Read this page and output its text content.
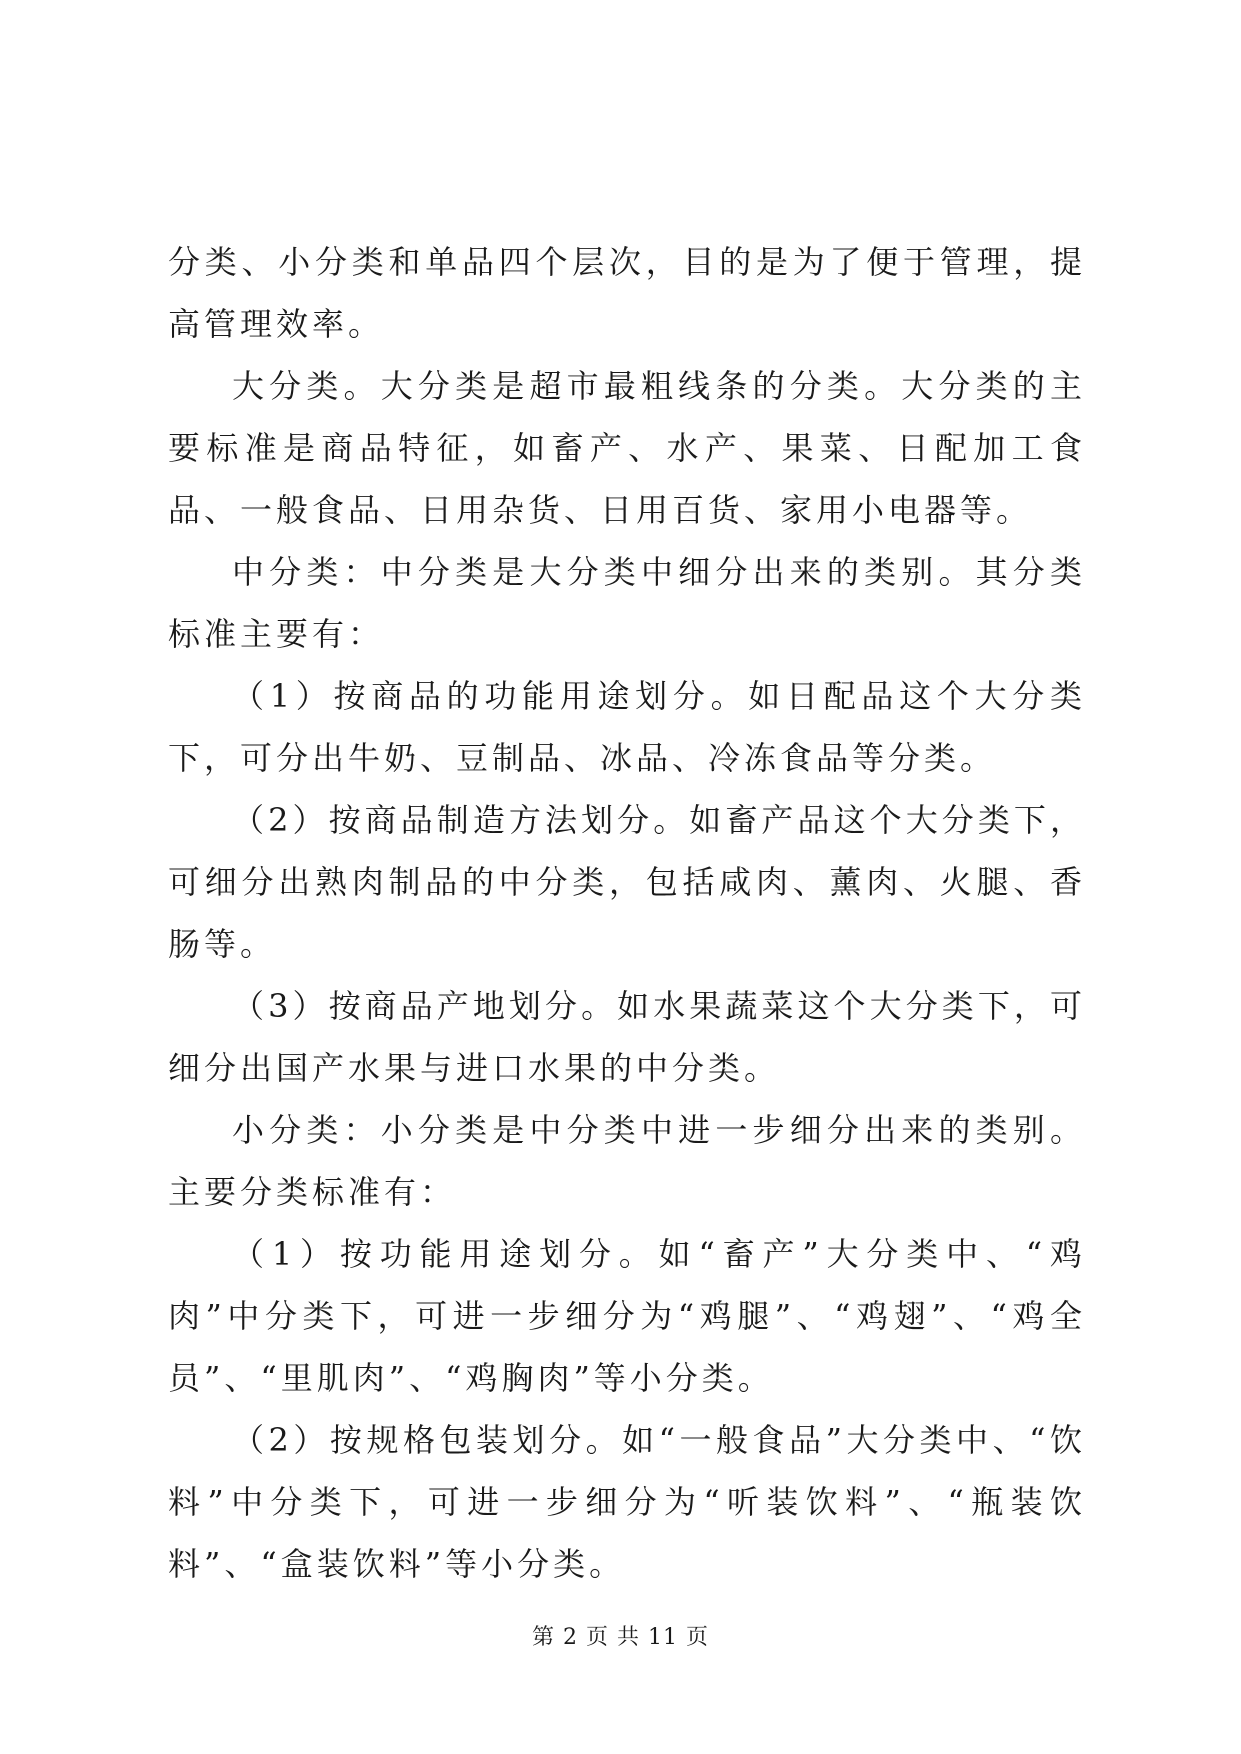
分类、小分类和单品四个层次，目的是为了便于管理，提高管理效率。

大分类。大分类是超市最粗线条的分类。大分类的主要标准是商品特征，如畜产、水产、果菜、日配加工食品、一般食品、日用杂货、日用百货、家用小电器等。

中分类：中分类是大分类中细分出来的类别。其分类标准主要有：

（1）按商品的功能用途划分。如日配品这个大分类下，可分出牛奶、豆制品、冰品、冷冻食品等分类。

（2）按商品制造方法划分。如畜产品这个大分类下，可细分出熟肉制品的中分类，包括咸肉、薰肉、火腿、香肠等。

（3）按商品产地划分。如水果蔬菜这个大分类下，可细分出国产水果与进口水果的中分类。

小分类：小分类是中分类中进一步细分出来的类别。主要分类标准有：

（1）按功能用途划分。如“畜产”大分类中、“鸡肉”中分类下，可进一步细分为“鸡腿”、“鸡翅”、“鸡全员”、“里肌肉”、“鸡胸肉”等小分类。

（2）按规格包装划分。如“一般食品”大分类中、“饮料”中分类下，可进一步细分为“听装饮料”、“瓶装饮料”、“盒装饮料”等小分类。

第 2 页 共 11 页
